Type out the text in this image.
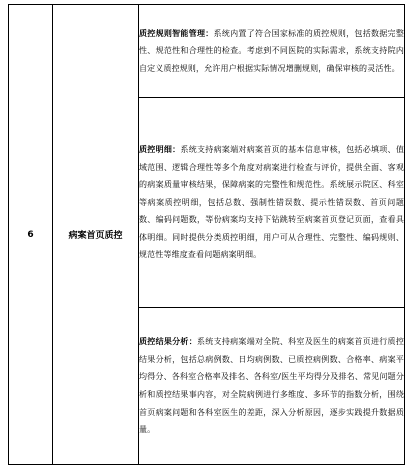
6	病案首页质控	质控规则智能管理：系统内置了符合国家标准的质控规则，包括数据完整性、规范性和合理性的检查。考虑到不同医院的实际需求，系统支持院内自定义质控规则，允许用户根据实际情况增删规则，确保审核的灵活性。
质控明细：系统支持病案端对病案首页的基本信息审核，包括必填项、值域范围、逻辑合理性等多个角度对病案进行检查与评价，提供全面、客观的病案质量审核结果，保障病案的完整性和规范性。系统展示院区、科室等病案质控明细，包括总数、强制性错误数、提示性错误数、首页问题数、编码问题数，等份病案均支持下钻跳转至病案首页登记页面，查看具体明细。同时提供分类质控明细，用户可从合理性、完整性、编码规则、规范性等维度查看问题病案明细。
质控结果分析：系统支持病案端对全院、科室及医生的病案首页进行质控结果分析，包括总病例数、日均病例数、已质控病例数、合格率、病案平均得分、各科室合格率及排名、各科室/医生平均得分及排名、常见问题分析和质控结果事内容，对全院病例进行多维度、多环节的指数分析，围绕首页病案问题和各科室医生的差距，深入分析原因，逐步实践提升数据质量。
